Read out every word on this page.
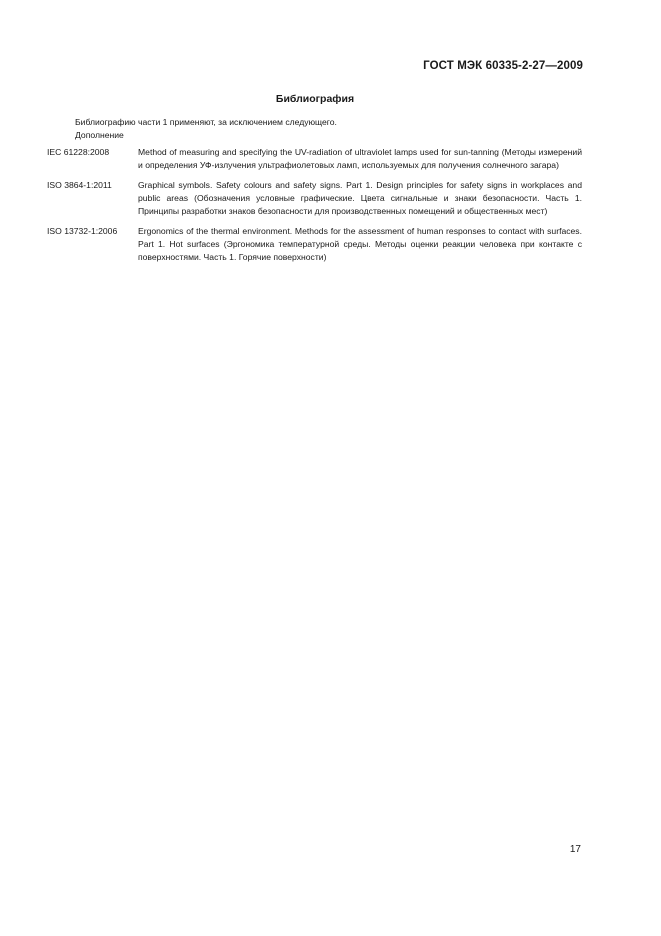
ГОСТ МЭК 60335-2-27—2009
Библиография
Библиографию части 1 применяют, за исключением следующего.
Дополнение
IEC 61228:2008	Method of measuring and specifying the UV-radiation of ultraviolet lamps used for sun-tanning (Методы измерений и определения УФ-излучения ультрафиолетовых ламп, используемых для получения солнечного загара)
ISO 3864-1:2011	Graphical symbols. Safety colours and safety signs. Part 1. Design principles for safety signs in workplaces and public areas (Обозначения условные графические. Цвета сигнальные и знаки безопасности. Часть 1. Принципы разработки знаков безопасности для производственных помещений и общественных мест)
ISO 13732-1:2006	Ergonomics of the thermal environment. Methods for the assessment of human responses to contact with surfaces. Part 1. Hot surfaces (Эргономика температурной среды. Методы оценки реакции человека при контакте с поверхностями. Часть 1. Горячие поверхности)
17
